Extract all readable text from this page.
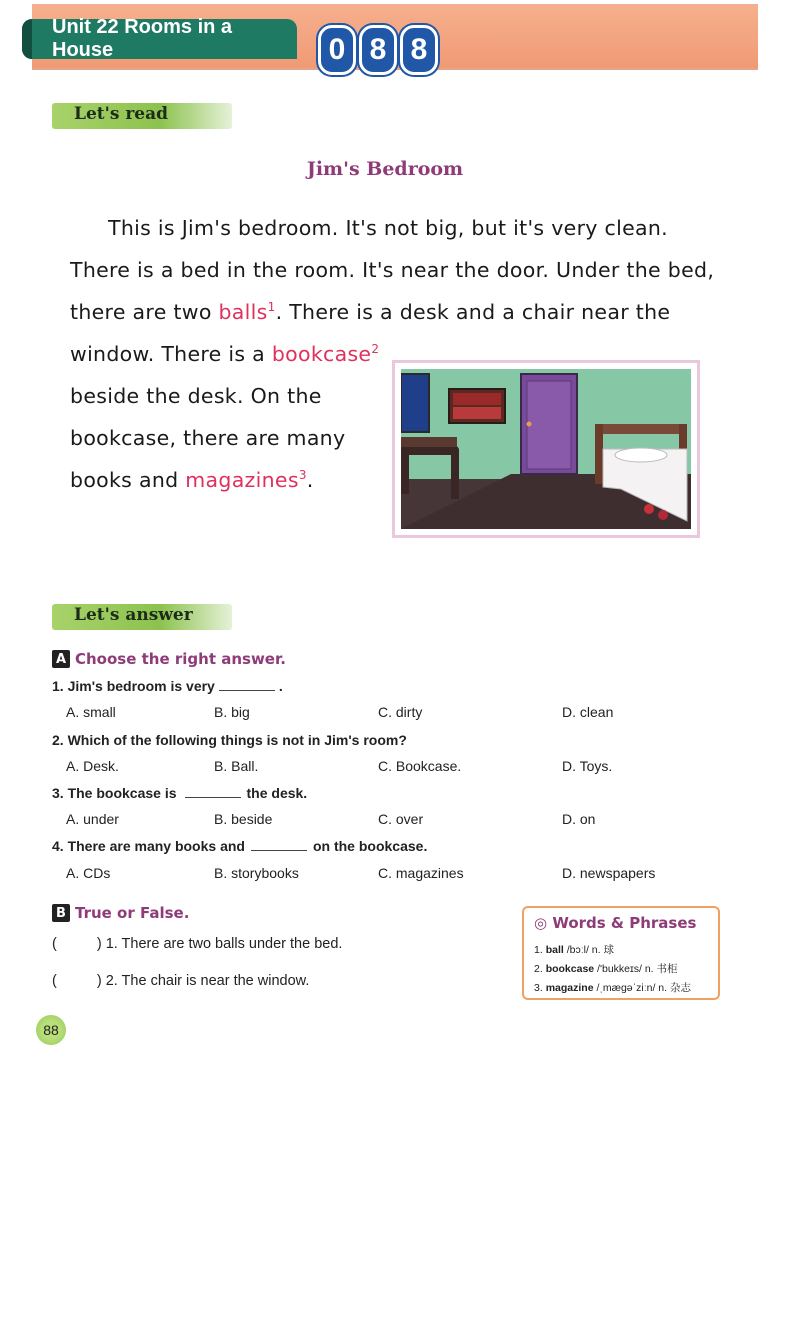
Unit 22 Rooms in a House	0 8 8
Let's read
Jim's Bedroom
This is Jim's bedroom. It's not big, but it's very clean.
There is a bed in the room. It's near the door. Under the bed,
there are two balls$^1$. There is a desk and a chair near the
window. There is a bookcase$^2$
beside the desk. On the
bookcase, there are many
books and magazines$^3$.
Let's answer
A Choose the right answer.
1. Jim's bedroom is very	.
A. small	B. big	C. dirty	D. clean
2. Which of the following things is not in Jim's room?
A. Desk.	B. Ball.	C. Bookcase.	D. Toys.
3. The bookcase is	the desk.
A. under	B. beside	C. over	D. on
4. There are many books and	on the bookcase.
A. CDs	B. storybooks	C. magazines	D. newspapers
B True or False.
(	) 1. There are two balls under the bed.
(	) 2. The chair is near the window.
◎ Words & Phrases
1. ball /bɔːl/ n. 球
2. bookcase /'bukkeɪs/ n. 书柜
3. magazine /ˌmæɡəˈziːn/ n. 杂志
88
